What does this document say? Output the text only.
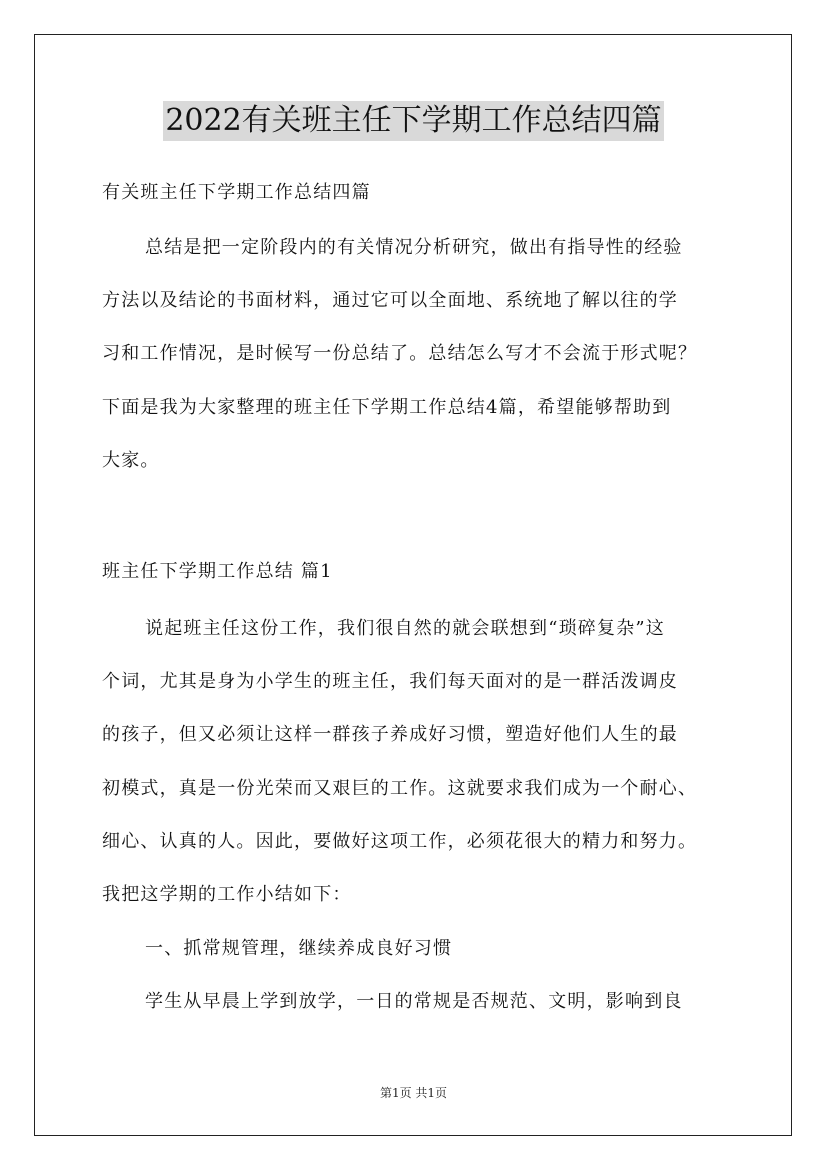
2022有关班主任下学期工作总结四篇
有关班主任下学期工作总结四篇
总结是把一定阶段内的有关情况分析研究，做出有指导性的经验
方法以及结论的书面材料，通过它可以全面地、系统地了解以往的学
习和工作情况，是时候写一份总结了。总结怎么写才不会流于形式呢？
下面是我为大家整理的班主任下学期工作总结4篇，希望能够帮助到
大家。
班主任下学期工作总结 篇1
说起班主任这份工作，我们很自然的就会联想到“琐碎复杂”这
个词，尤其是身为小学生的班主任，我们每天面对的是一群活泼调皮
的孩子，但又必须让这样一群孩子养成好习惯，塑造好他们人生的最
初模式，真是一份光荣而又艰巨的工作。这就要求我们成为一个耐心、
细心、认真的人。因此，要做好这项工作，必须花很大的精力和努力。
我把这学期的工作小结如下：
一、抓常规管理，继续养成良好习惯
学生从早晨上学到放学，一日的常规是否规范、文明，影响到良
第1页 共1页
